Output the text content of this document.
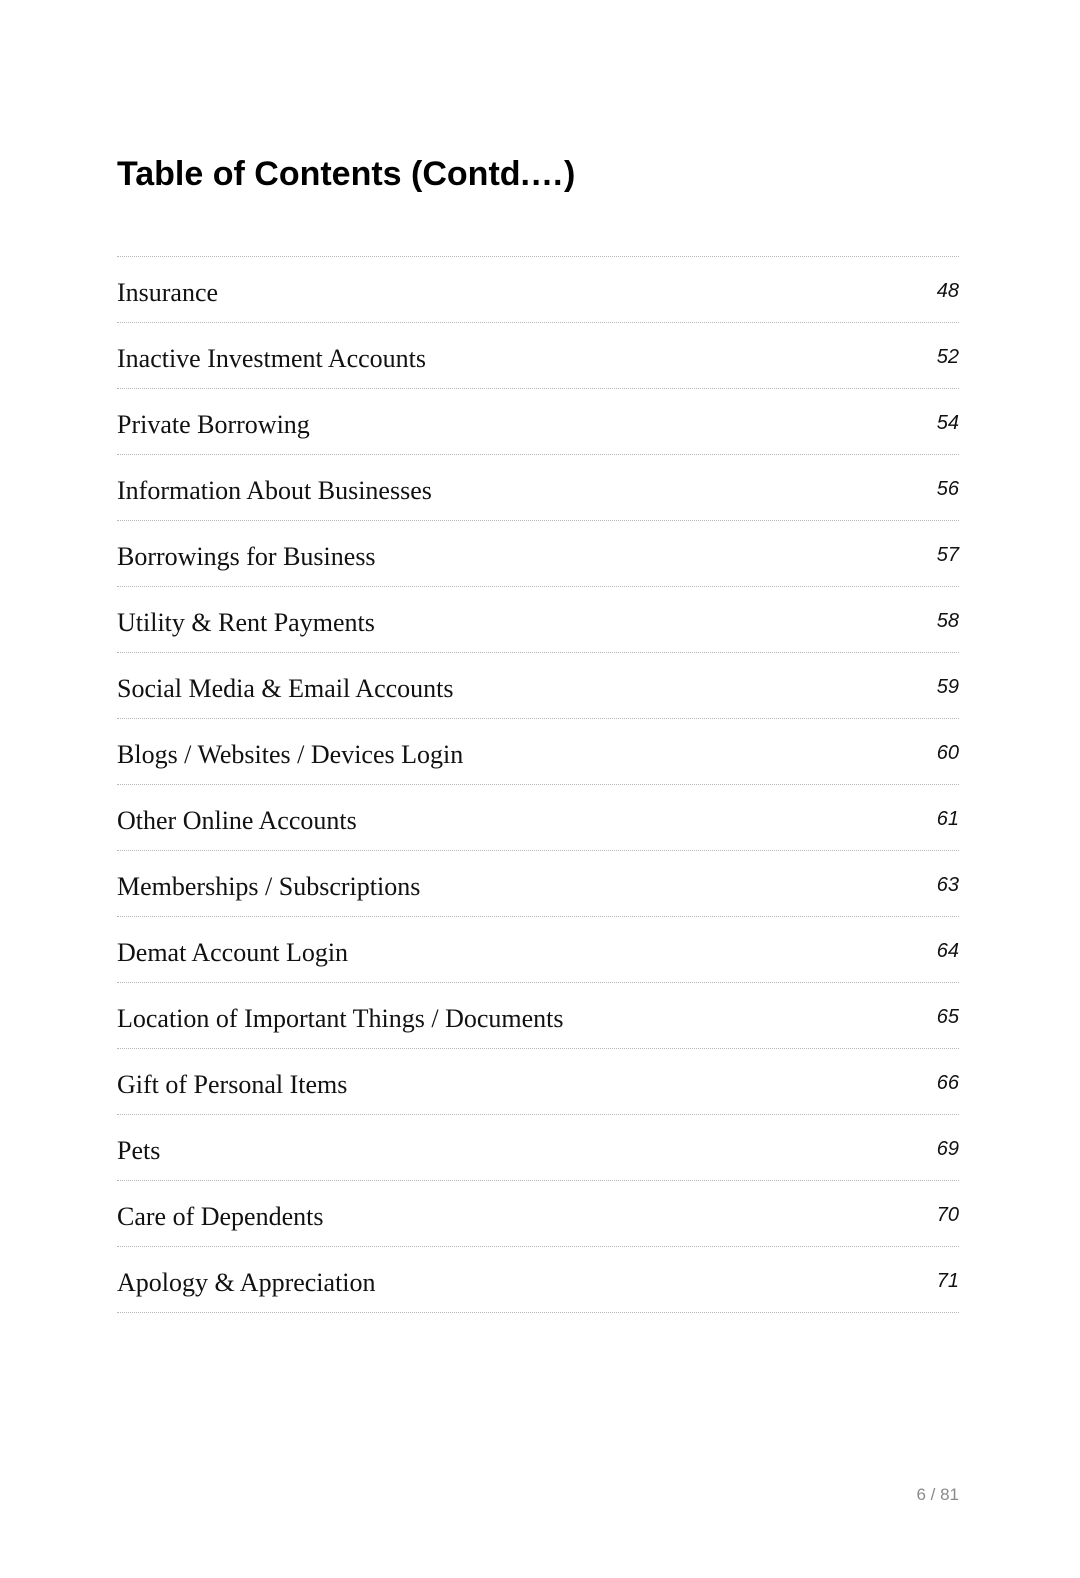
Table of Contents (Contd.…)
Insurance	48
Inactive Investment Accounts	52
Private Borrowing	54
Information About Businesses	56
Borrowings for Business	57
Utility & Rent Payments	58
Social Media & Email Accounts	59
Blogs / Websites / Devices Login	60
Other Online Accounts	61
Memberships / Subscriptions	63
Demat Account Login	64
Location of Important Things / Documents	65
Gift of Personal Items	66
Pets	69
Care of Dependents	70
Apology & Appreciation	71
6 / 81
